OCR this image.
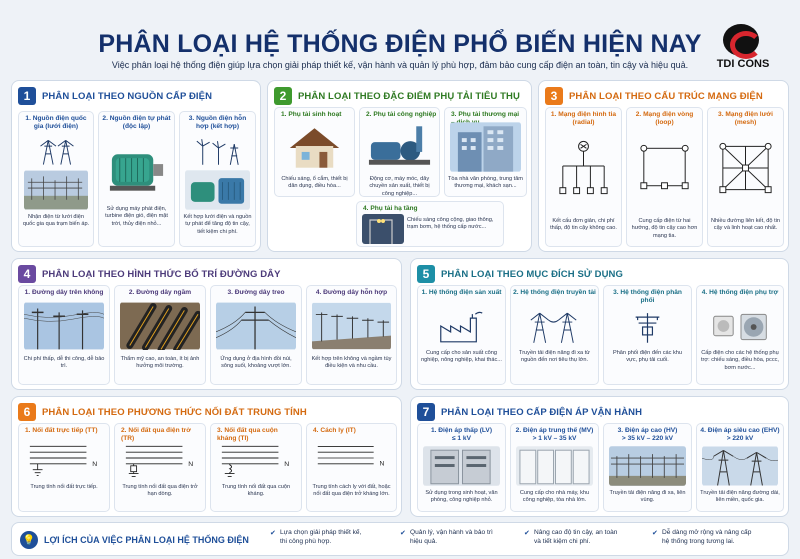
PHÂN LOẠI HỆ THỐNG ĐIỆN PHỔ BIẾN HIỆN NAY
Việc phân loại hệ thống điện giúp lựa chọn giải pháp thiết kế, vận hành và quản lý phù hợp, đảm bảo cung cấp điện an toàn, tin cậy và hiệu quả.	TDI CONS
1	PHÂN LOẠI THEO NGUỒN CẤP ĐIỆN
1. Nguồn điện quốc gia (lưới điện)
Nhận điện từ lưới điện quốc gia qua trạm biến áp.
2. Nguồn điện tự phát (độc lập)
Sử dụng máy phát điện, turbine điện gió, điện mặt trời, thủy điện nhỏ...
3. Nguồn điện hỗn hợp (kết hợp)
Kết hợp lưới điện và nguồn tự phát để tăng độ tin cậy, tiết kiệm chi phí.
2	PHÂN LOẠI THEO ĐẶC ĐIỂM PHỤ TẢI TIÊU THỤ
1. Phụ tải sinh hoạt
Chiếu sáng, ổ cắm, thiết bị dân dụng, điều hòa...
2. Phụ tải công nghiệp
Động cơ, máy móc, dây chuyền sản xuất, thiết bị công nghiệp...
3. Phụ tải thương mại
Tòa nhà văn phòng, trung tâm thương mại, khách sạn...
4. Phụ tải hạ tầng
Chiếu sáng công cộng, giao thông, trạm bơm, hệ thống cấp nước...
3	PHÂN LOẠI THEO CẤU TRÚC MẠNG ĐIỆN
1. Mạng điện hình tia (radial)
Kết cấu đơn giản, chi phí thấp, độ tin cậy không cao.
2. Mạng điện vòng (loop)
Cung cấp điện từ hai hướng, độ tin cậy cao hơn mạng tia.
3. Mạng điện lưới (mesh)
Nhiều đường liên kết, độ tin cậy và linh hoạt cao nhất.
4	PHÂN LOẠI THEO HÌNH THỨC BỐ TRÍ ĐƯỜNG DÂY
1. Đường dây trên không
Chi phí thấp, dễ thi công, dễ bảo trì.
2. Đường dây ngầm
Thẩm mỹ cao, an toàn, ít bị ảnh hưởng môi trường.
3. Đường dây treo
Ứng dụng ở địa hình đồi núi, sông suối, khoảng vượt lớn.
4. Đường dây hỗn hợp
Kết hợp trên không và ngầm tùy điều kiện và nhu cầu.
5	PHÂN LOẠI THEO MỤC ĐÍCH SỬ DỤNG
1. Hệ thống điện sản xuất
Cung cấp cho sản xuất công nghiệp, nông nghiệp, khai thác...
2. Hệ thống điện truyền tải
Truyền tải điện năng đi xa từ nguồn đến nơi tiêu thụ lớn.
3. Hệ thống điện phân phối
Phân phối điện đến các khu vực, phụ tải cuối.
4. Hệ thống điện phụ trợ
Cấp điện cho các hệ thống phụ trợ: chiếu sáng, điều hòa, pccc, bơm nước...
6	PHÂN LOẠI THEO PHƯƠNG THỨC NỐI ĐẤT TRUNG TÍNH
1. Nối đất trực tiếp (TT)
N
Trung tính nối đất trực tiếp.
2. Nối đất qua điện trở (TR)
N
Trung tính nối đất qua điện trở hạn dòng.
3. Nối đất qua cuộn kháng (TI)
N
Trung tính nối đất qua cuộn kháng.
4. Cách ly (IT)
N
Trung tính cách ly với đất, hoặc nối đất qua điện trở kháng lớn.
7	PHÂN LOẠI THEO CẤP ĐIỆN ÁP VẬN HÀNH
1. Điện áp thấp (LV)
≤ 1 kV
Sử dụng trong sinh hoạt, văn phòng, công nghiệp nhỏ.
2. Điện áp trung thế (MV)
> 1 kV – 35 kV
Cung cấp cho nhà máy, khu công nghiệp, tòa nhà lớn.
3. Điện áp cao (HV)
> 35 kV – 220 kV
Truyền tải điện năng đi xa, liên vùng.
4. Điện áp siêu cao (EHV)
> 220 kV
Truyền tải điện năng đường dài, liên miền, quốc gia.
💡 LỢI ÍCH CỦA VIỆC PHÂN LOẠI HỆ THỐNG ĐIỆN
✔ Lựa chọn giải pháp thiết kế,
thi công phù hợp.
✔ Quản lý, vận hành và bảo trì
hiệu quả.
✔ Nâng cao độ tin cậy, an toàn
và tiết kiệm chi phí.
✔ Dễ dàng mở rộng và nâng cấp
hệ thống trong tương lai.
